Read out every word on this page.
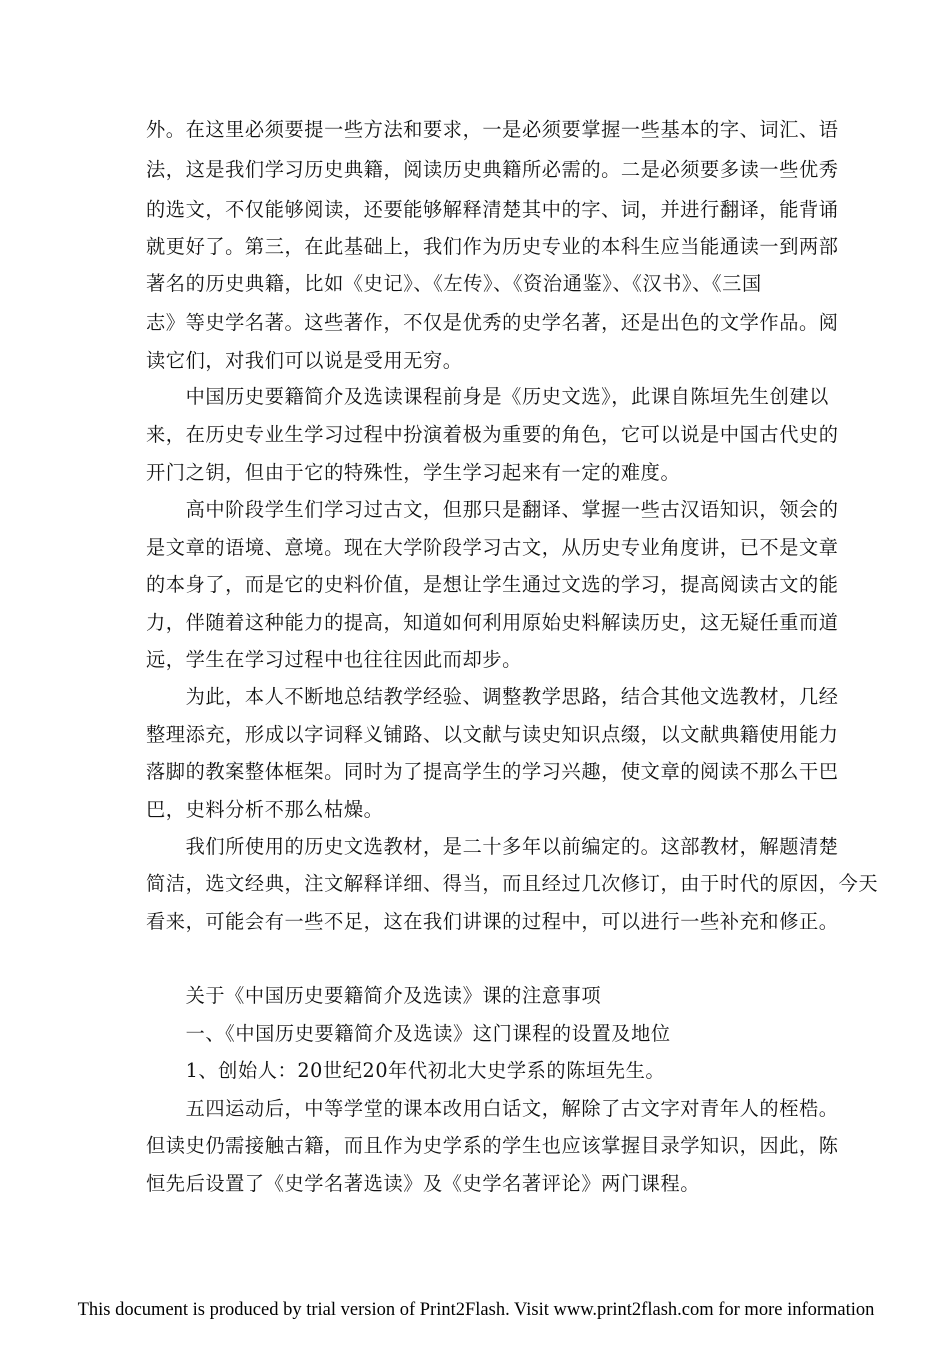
外。在这里必须要提一些方法和要求，一是必须要掌握一些基本的字、词汇、语
法，这是我们学习历史典籍，阅读历史典籍所必需的。二是必须要多读一些优秀
的选文，不仅能够阅读，还要能够解释清楚其中的字、词，并进行翻译，能背诵
就更好了。第三，在此基础上，我们作为历史专业的本科生应当能通读一到两部
著名的历史典籍，比如《史记》、《左传》、《资治通鉴》、《汉书》、《三国
志》等史学名著。这些著作，不仅是优秀的史学名著，还是出色的文学作品。阅
读它们，对我们可以说是受用无穷。
　　中国历史要籍简介及选读课程前身是《历史文选》，此课自陈垣先生创建以
来，在历史专业生学习过程中扮演着极为重要的角色，它可以说是中国古代史的
开门之钥，但由于它的特殊性，学生学习起来有一定的难度。
　　高中阶段学生们学习过古文，但那只是翻译、掌握一些古汉语知识，领会的
是文章的语境、意境。现在大学阶段学习古文，从历史专业角度讲，已不是文章
的本身了，而是它的史料价值，是想让学生通过文选的学习，提高阅读古文的能
力，伴随着这种能力的提高，知道如何利用原始史料解读历史，这无疑任重而道
远，学生在学习过程中也往往因此而却步。
　　为此，本人不断地总结教学经验、调整教学思路，结合其他文选教材，几经
整理添充，形成以字词释义铺路、以文献与读史知识点缀，以文献典籍使用能力
落脚的教案整体框架。同时为了提高学生的学习兴趣，使文章的阅读不那么干巴
巴，史料分析不那么枯燥。
　　我们所使用的历史文选教材，是二十多年以前编定的。这部教材，解题清楚
简洁，选文经典，注文解释详细、得当，而且经过几次修订，由于时代的原因，今天
看来，可能会有一些不足，这在我们讲课的过程中，可以进行一些补充和修正。
　　关于《中国历史要籍简介及选读》课的注意事项
　　一、《中国历史要籍简介及选读》这门课程的设置及地位
　　1、创始人：20世纪20年代初北大史学系的陈垣先生。
　　五四运动后，中等学堂的课本改用白话文，解除了古文字对青年人的桎梏。
但读史仍需接触古籍，而且作为史学系的学生也应该掌握目录学知识，因此，陈
恒先后设置了《史学名著选读》及《史学名著评论》两门课程。
This document is produced by trial version of Print2Flash. Visit www.print2flash.com for more information
